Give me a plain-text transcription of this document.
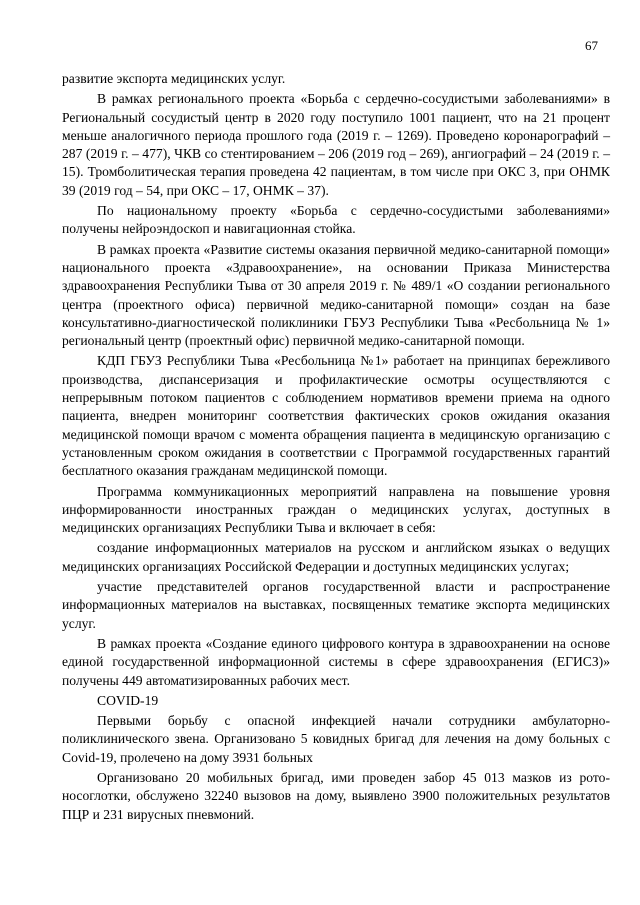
67

развитие экспорта медицинских услуг.

В рамках регионального проекта «Борьба с сердечно-сосудистыми заболеваниями» в Региональный сосудистый центр в 2020 году поступило 1001 пациент, что на 21 процент меньше аналогичного периода прошлого года (2019 г. – 1269). Проведено коронарографий – 287 (2019 г. – 477), ЧКВ со стентированием – 206 (2019 год – 269), ангиографий – 24 (2019 г. – 15). Тромболитическая терапия проведена 42 пациентам, в том числе при ОКС 3, при ОНМК 39 (2019 год – 54, при ОКС – 17, ОНМК – 37).

По национальному проекту «Борьба с сердечно-сосудистыми заболеваниями» получены нейроэндоскоп и навигационная стойка.

В рамках проекта «Развитие системы оказания первичной медико-санитарной помощи» национального проекта «Здравоохранение», на основании Приказа Министерства здравоохранения Республики Тыва от 30 апреля 2019 г. № 489/1 «О создании регионального центра (проектного офиса) первичной медико-санитарной помощи» создан на базе консультативно-диагностической поликлиники ГБУЗ Республики Тыва «Ресбольница № 1» региональный центр (проектный офис) первичной медико-санитарной помощи.

КДП ГБУЗ Республики Тыва «Ресбольница №1» работает на принципах бережливого производства, диспансеризация и профилактические осмотры осуществляются с непрерывным потоком пациентов с соблюдением нормативов времени приема на одного пациента, внедрен мониторинг соответствия фактических сроков ожидания оказания медицинской помощи врачом с момента обращения пациента в медицинскую организацию с установленным сроком ожидания в соответствии с Программой государственных гарантий бесплатного оказания гражданам медицинской помощи.

Программа коммуникационных мероприятий направлена на повышение уровня информированности иностранных граждан о медицинских услугах, доступных в медицинских организациях Республики Тыва и включает в себя:

создание информационных материалов на русском и английском языках о ведущих медицинских организациях Российской Федерации и доступных медицинских услугах;

участие представителей органов государственной власти и распространение информационных материалов на выставках, посвященных тематике экспорта медицинских услуг.

В рамках проекта «Создание единого цифрового контура в здравоохранении на основе единой государственной информационной системы в сфере здравоохранения (ЕГИСЗ)» получены 449 автоматизированных рабочих мест.

COVID-19

Первыми борьбу с опасной инфекцией начали сотрудники амбулаторно-поликлинического звена. Организовано 5 ковидных бригад для лечения на дому больных с Covid-19, пролечено на дому 3931 больных

Организовано 20 мобильных бригад, ими проведен забор 45 013 мазков из рото-носоглотки, обслужено 32240 вызовов на дому, выявлено 3900 положительных результатов ПЦР и 231 вирусных пневмоний.
